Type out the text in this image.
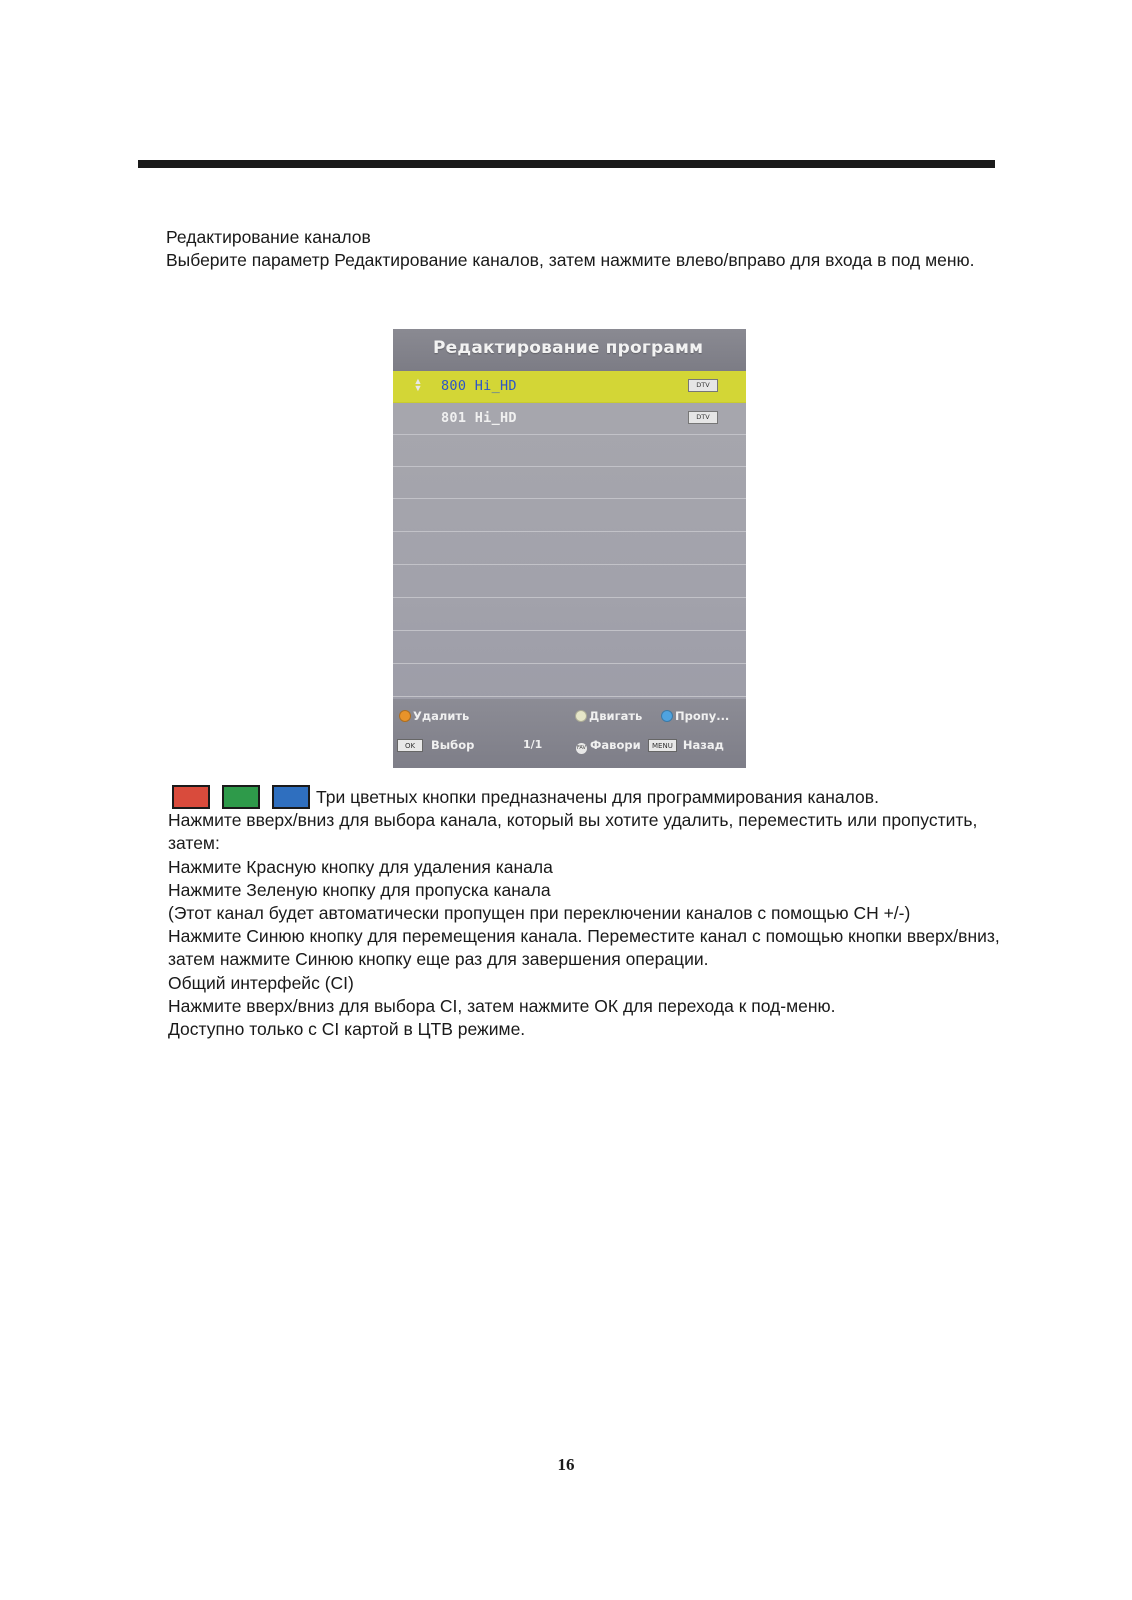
Редактирование каналов

Выберите параметр Редактирование каналов, затем нажмите влево/вправо для входа в под меню.

Редактирование программ
▲▼ 800 Hi_HD	DTV
801 Hi_HD	DTV
Удалить	Двигать	Пропу...
OK Выбор	1/1	FAV Фавори	MENU Назад

Три цветных кнопки предназначены для программирования каналов.

Нажмите вверх/вниз для выбора канала, который вы хотите удалить, переместить или пропустить, затем:

Нажмите Красную кнопку для удаления канала

Нажмите Зеленую кнопку для пропуска канала

(Этот канал будет автоматически пропущен при переключении каналов с помощью CH +/-)

Нажмите Синюю кнопку для перемещения канала. Переместите канал с помощью кнопки вверх/вниз, затем нажмите Синюю кнопку еще раз для завершения операции.

Общий интерфейс (CI)

Нажмите вверх/вниз для выбора CI, затем нажмите ОК для перехода к под-меню.

Доступно только с CI картой в ЦТВ режиме.

16
